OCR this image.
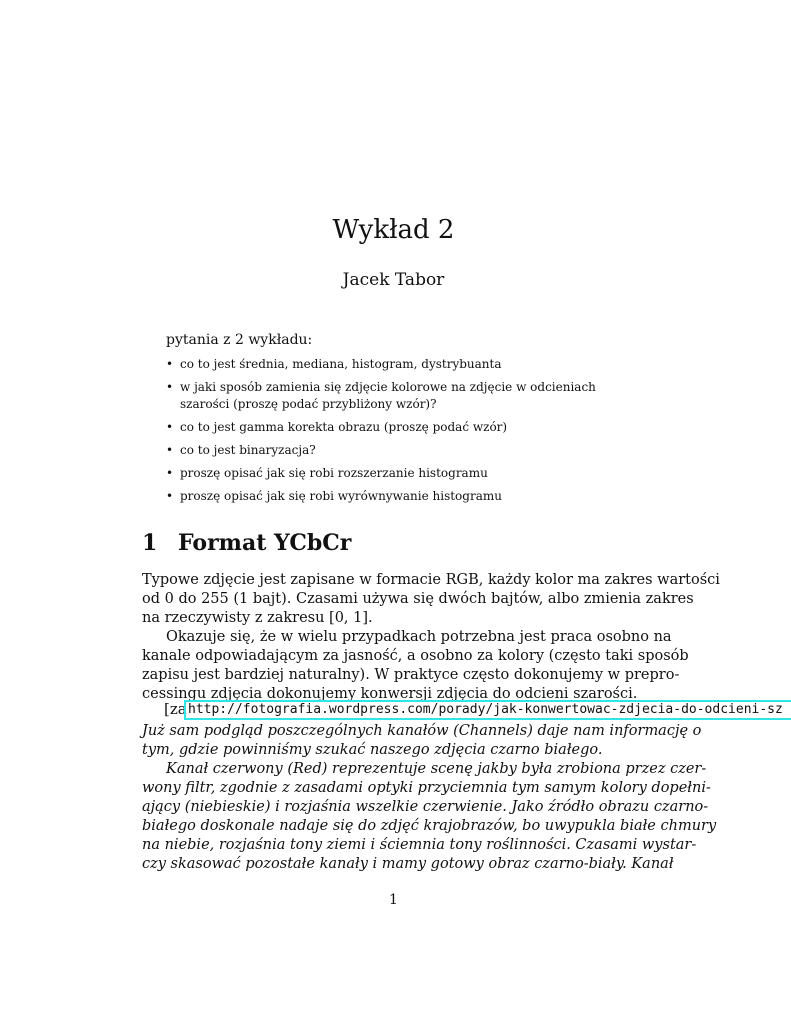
Wykład 2
Jacek Tabor
pytania z 2 wykładu:
• co to jest średnia, mediana, histogram, dystrybuanta
• w jaki sposób zamienia się zdjęcie kolorowe na zdjęcie w odcieniach szarości (proszę podać przybliżony wzór)?
• co to jest gamma korekta obrazu (proszę podać wzór)
• co to jest binaryzacja?
• proszę opisać jak się robi rozszerzanie histogramu
• proszę opisać jak się robi wyrównywanie histogramu
1 Format YCbCr
Typowe zdjęcie jest zapisane w formacie RGB, każdy kolor ma zakres wartości
od 0 do 255 (1 bajt). Czasami używa się dwóch bajtów, albo zmienia zakres
na rzeczywisty z zakresu [0, 1].
Okazuje się, że w wielu przypadkach potrzebna jest praca osobno na
kanale odpowiadającym za jasność, a osobno za kolory (często taki sposób
zapisu jest bardziej naturalny). W praktyce często dokonujemy w prepro-
cessingu zdjęcia dokonujemy konwersji zdjęcia do odcieni szarości.
[za http://fotografia.wordpress.com/porady/jak-konwertowac-zdjecia-do-odcieni-sz
Już sam podgląd poszczególnych kanałów (Channels) daje nam informację o
tym, gdzie powinniśmy szukać naszego zdjęcia czarno białego.
Kanał czerwony (Red) reprezentuje scenę jakby była zrobiona przez czer-
wony filtr, zgodnie z zasadami optyki przyciemnia tym samym kolory dopełni-
ający (niebieskie) i rozjaśnia wszelkie czerwienie. Jako źródło obrazu czarno-
białego doskonale nadaje się do zdjęć krajobrazów, bo uwypukla białe chmury
na niebie, rozjaśnia tony ziemi i ściemnia tony roślinności. Czasami wystar-
czy skasować pozostałe kanały i mamy gotowy obraz czarno-biały. Kanał
1
